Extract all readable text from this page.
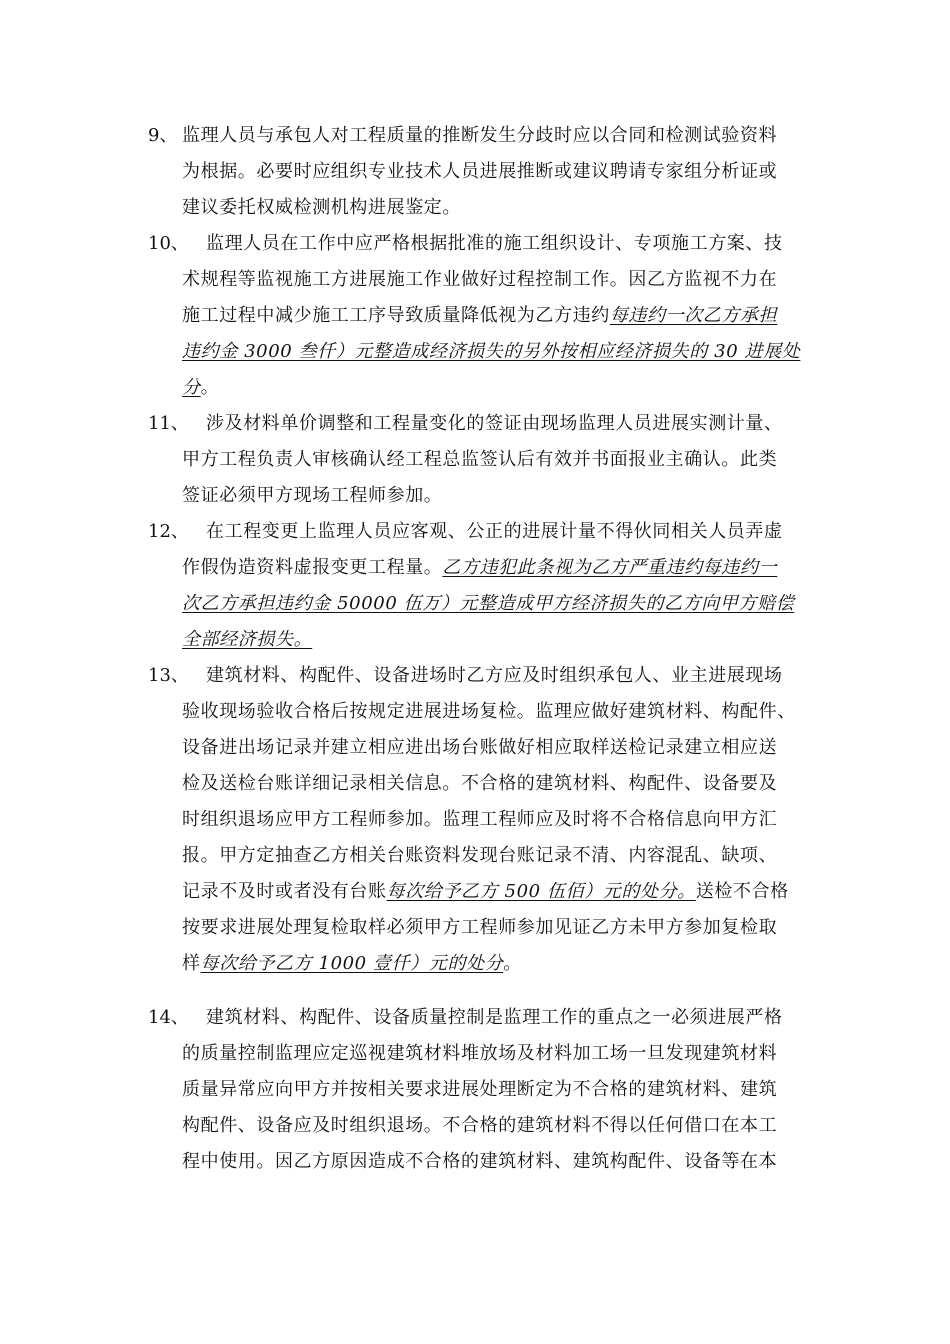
9、 监理人员与承包人对工程质量的推断发生分歧时应以合同和检测试验资料
为根据。必要时应组织专业技术人员进展推断或建议聘请专家组分析证或
建议委托权威检测机构进展鉴定。
10、 监理人员在工作中应严格根据批准的施工组织设计、专项施工方案、技
术规程等监视施工方进展施工作业做好过程控制工作。因乙方监视不力在
施工过程中减少施工工序导致质量降低视为乙方违约每违约一次乙方承担
违约金 3000 叁仟）元整造成经济损失的另外按相应经济损失的 30 进展处
分。
11、 涉及材料单价调整和工程量变化的签证由现场监理人员进展实测计量、
甲方工程负责人审核确认经工程总监签认后有效并书面报业主确认。此类
签证必须甲方现场工程师参加。
12、 在工程变更上监理人员应客观、公正的进展计量不得伙同相关人员弄虚
作假伪造资料虚报变更工程量。乙方违犯此条视为乙方严重违约每违约一
次乙方承担违约金 50000 伍万）元整造成甲方经济损失的乙方向甲方赔偿
全部经济损失。
13、 建筑材料、构配件、设备进场时乙方应及时组织承包人、业主进展现场
验收现场验收合格后按规定进展进场复检。监理应做好建筑材料、构配件、
设备进出场记录并建立相应进出场台账做好相应取样送检记录建立相应送
检及送检台账详细记录相关信息。不合格的建筑材料、构配件、设备要及
时组织退场应甲方工程师参加。监理工程师应及时将不合格信息向甲方汇
报。甲方定抽查乙方相关台账资料发现台账记录不清、内容混乱、缺项、
记录不及时或者没有台账每次给予乙方 500 伍佰）元的处分。送检不合格
按要求进展处理复检取样必须甲方工程师参加见证乙方未甲方参加复检取
样每次给予乙方 1000 壹仟）元的处分。
14、 建筑材料、构配件、设备质量控制是监理工作的重点之一必须进展严格
的质量控制监理应定巡视建筑材料堆放场及材料加工场一旦发现建筑材料
质量异常应向甲方并按相关要求进展处理断定为不合格的建筑材料、建筑
构配件、设备应及时组织退场。不合格的建筑材料不得以任何借口在本工
程中使用。因乙方原因造成不合格的建筑材料、建筑构配件、设备等在本
